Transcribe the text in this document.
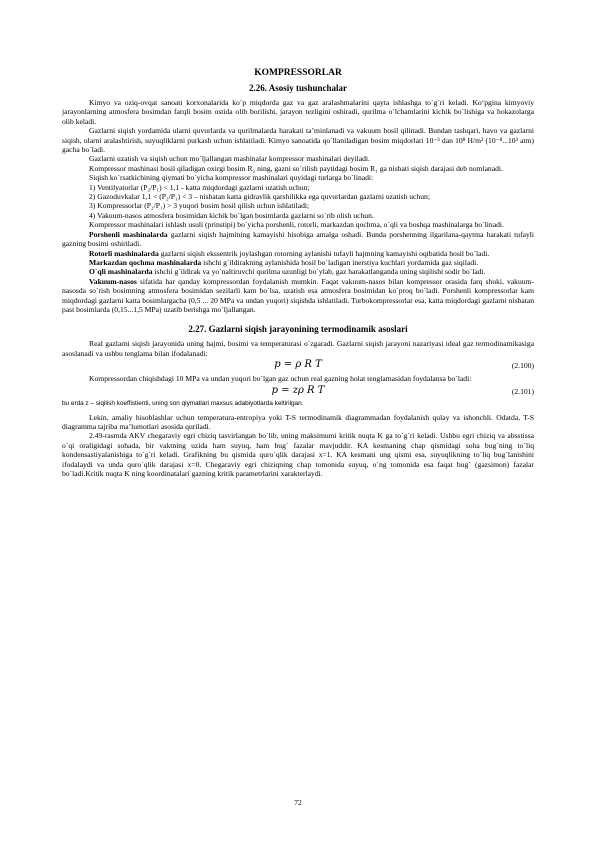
KOMPRESSORLAR
2.26. Asosiy tushunchalar

Kimyo va oziq-ovqat sanoati korxonalarida ko`p miqdorda gaz va gaz aralashmalarini qayta ishlashga to`g`ri keladi. Ko‘pgina kimyoviy jarayonlarning atmosfera bosimdan farqli bosim ostida olib borilishi, jarayon tezligini oshiradi, qurilma o`lchamlarini kichik bo`lishiga va hokazolarga olib keladi.

Gazlarni siqish yordamida ularni quvurlarda va qurilmalarda harakati ta’minlanadi va vakuum hosil qilinadi. Bundan tashqari, havo va gazlarni siqish, ularni aralashtirish, suyuqliklarni purkash uchun ishlatiladi. Kimyo sanoatida qo`llaniladigan bosim miqdorlari 10⁻³ dan 10⁸ H/m² (10⁻⁸...10³ atm) gacha bo`ladi.

Gazlarni uzatish va siqish uchun mo`ljallangan mashinalar kompressor mashinalari deyiladi.

Kompressor mashinasi hosil qiladigan oxirgi bosim R₂ ning, gazni so`rilish paytidagi bosim R₁ ga nisbati siqish darajasi deb nomlanadi.

Siqish ko`rsatkichining qiymati bo`yicha kompressor mashinalari quyidagi turlarga bo`linadi:

1) Ventilyatorlar (P₂/P₁) < 1,1 - katta miqdordagi gazlarni uzatish uchun;

2) Gazoduvkalar 1,1 < (P₂/P₁) < 3 – nisbatan katta gidravlik qarshilikka ega quvurlardan gazlarni uzatish uchun;

3) Kompressorlar (P₂/P₁) > 3 yuqori bosim hosil qilish uchun ishlatiladi;

4) Vakuum-nasos atmosfera bosimidan kichik bo`lgan bosimlarda gazlarni so`rib olish uchun.

Kompressor mashinalari ishlash usuli (prinstipi) bo`yicha porshenli, rotorli, markazdan qochma, o`qli va boshqa mashinalarga bo`linadi.

Porshenli mashinalarda gazlarni siqish hajmining kamayishi hisobiga amalga oshadi. Bunda porshenning ilgarilana-qaytma harakati tufayli gazning bosimi oshiriladi.

Rotorli mashinalarda gazlarni siqish ekssentrik joylashgan rotorning aylanishi tufayli hajmning kamayishi oqibatida hosil bo`ladi.

Markazdan qochma mashinalarda ishchi g`ildirakning aylanishida hosil bo`ladigan inerstiya kuchlari yordamida gaz siqiladi.

O`qli mashinalarda ishchi g`ildirak va yo`naltiruvchi qurilma uzunligi bo`ylab, gaz harakatlanganda uning siqilishi sodir bo`ladi.

Vakuum-nasos sifatida har qanday kompressordan foydalanish mumkin. Faqat vakuum-nasos bilan kompressor orasida farq shuki, vakuum-nasosda so`rish bosimning atmosfera bosimidan sezilarli kam bo`lsa, uzatish esa atmosfera bosimidan ko`proq bo`ladi. Porshenli kompressorlar kam miqdordagi gazlarni katta bosimlargacha (0,5 ... 20 MPa va undan yuqori) siqishda ishlatiladi. Turbokompressorlar esa, katta miqdordagi gazlarni nisbatan past bosimlarda (0,15...1,5 MPa) uzatib berishga mo`ljallangan.

2.27. Gazlarni siqish jarayonining termodinamik asoslari

Real gazlarni siqish jarayonida uning hajmi, bosimi va temperaturasi o`zgaradi. Gazlarni siqish jarayoni nazariyasi ideal gaz termodinamikasiga asoslanadi va ushbu tenglama bilan ifodalanadi:

p = ρ R T	(2.100)

Kompressordan chiqishdagi 10 MPa va undan yuqori bo`lgan gaz uchun real gazning holat tenglamasidan foydalansa bo`ladi:

p = zρ R T	(2.101)

bu erda z – siqilish koeffistienti, uning son qiymatlari maxsus adabiyotlarda keltirilgan.

Lekin, amaliy hisoblashlar uchun temperatura-entropiya yoki T-S termodinamik diagrammadan foydalanish qulay va ishonchli. Odatda, T-S diagramma tajriba ma’lumotlari asosida quriladi.

2.49-rasmda AKV chegaraviy egri chiziq tasvirlangan bo`lib, uning maksimumi kritik nuqta K ga to`g`ri keladi. Ushbu egri chiziq va absstissa o`qi oraligidagi sohada, bir vaktning uzida ham suyuq, ham bug` fazalar mavjuddir. KA kesmaning chap qismidagi soha bug`ning to`liq kondensastiyalanishiga to`g`ri keladi. Grafikning bu qismida quro`qlik darajasi x=1. KA kesmani ung qismi esa, suyuqlikning to`liq bug`lanishini ifodalaydi va unda quro`qlik darajasi x=0. Chegaraviy egri chiziqning chap tomonida suyuq, o`ng tomonida esa faqat bug` (gazsimon) fazalar bo`ladi.Kritik nuqta K ning koordinatalari gazning kritik parametrlarini xarakterlaydi.

72
